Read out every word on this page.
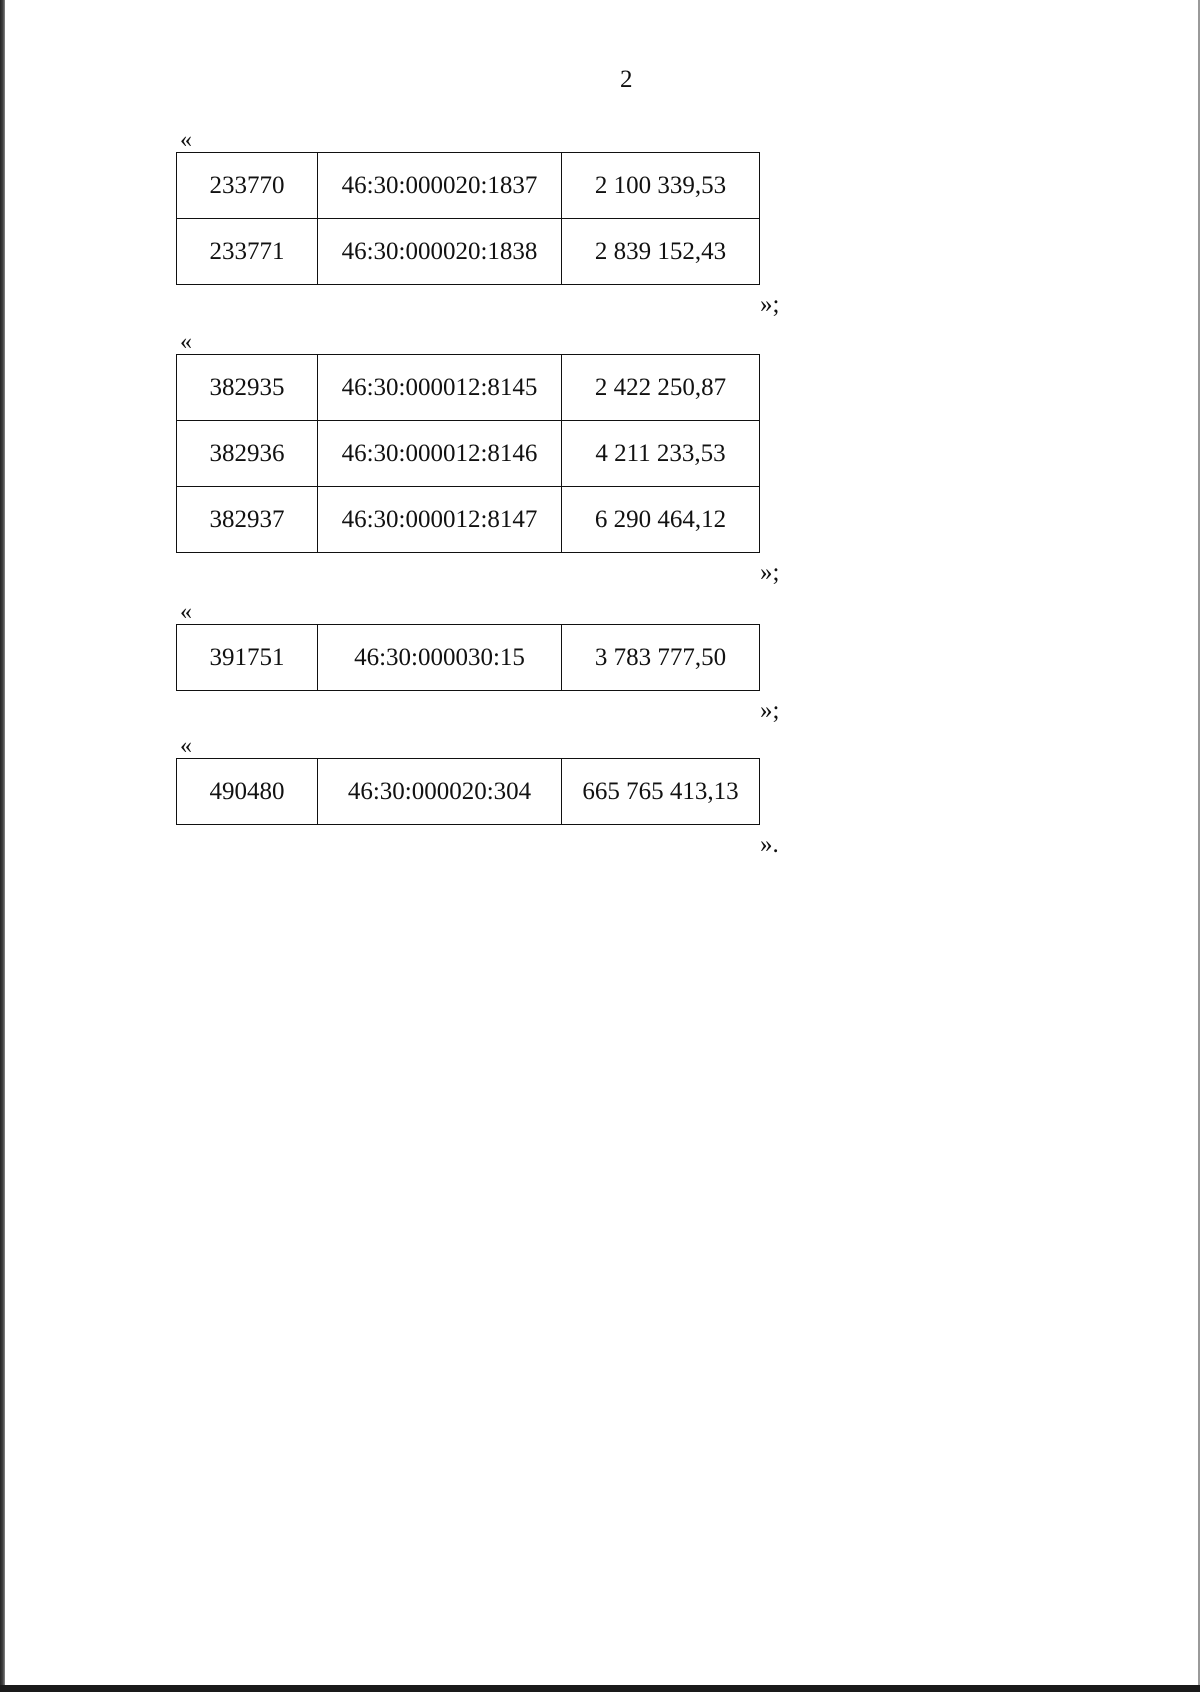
2
«
233770	46:30:000020:1837	2 100 339,53
233771	46:30:000020:1838	2 839 152,43
»;
«
382935	46:30:000012:8145	2 422 250,87
382936	46:30:000012:8146	4 211 233,53
382937	46:30:000012:8147	6 290 464,12
»;
«
391751	46:30:000030:15	3 783 777,50
»;
«
490480	46:30:000020:304	665 765 413,13
».
